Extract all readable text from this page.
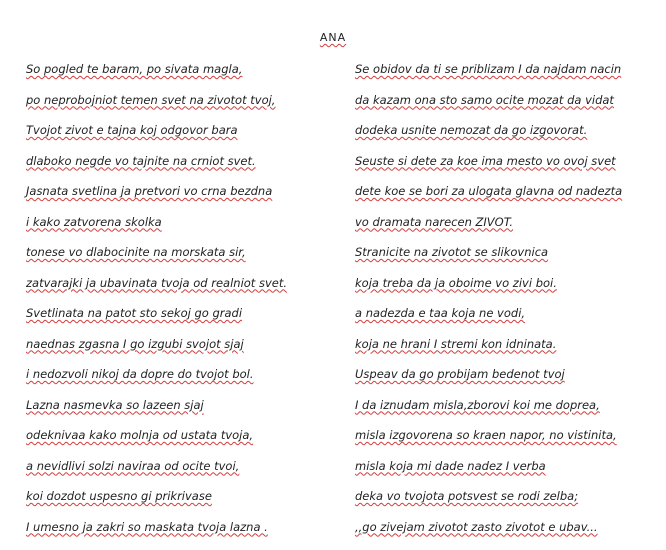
ANA
So pogled te baram, po sivata magla,
po neprobojniot temen svet na zivotot tvoj,
Tvojot zivot e tajna koj odgovor bara
dlaboko negde vo tajnite na crniot svet.
Jasnata svetlina ja pretvori vo crna bezdna
i kako zatvorena skolka
tonese vo dlabocinite na morskata sir,
zatvarajki ja ubavinata tvoja od realniot svet.
Svetlinata na patot sto sekoj go gradi
naednas zgasna I go izgubi svojot sjaj
i nedozvoli nikoj da dopre do tvojot bol.
Lazna nasmevka so lazeen sjaj
odeknivaa kako molnja od ustata tvoja,
a nevidlivi solzi naviraa od ocite tvoi,
koi dozdot uspesno gi prikrivase
I umesno ja zakri so maskata tvoja lazna .
Se obidov da ti se priblizam I da najdam nacin
da kazam ona sto samo ocite mozat da vidat
dodeka usnite nemozat da go izgovorat.
Seuste si dete za koe ima mesto vo ovoj svet
dete koe se bori za ulogata glavna od nadezta
vo dramata narecen ZIVOT.
Stranicite na zivotot se slikovnica
koja treba da ja oboime vo zivi boi.
a nadezda e taa koja ne vodi,
koja ne hrani I stremi kon idninata.
Uspeav da go probijam bedenot tvoj
I da iznudam misla,zborovi koi me doprea,
misla izgovorena so kraen napor, no vistinita,
misla koja mi dade nadez I verba
deka vo tvojota potsvest se rodi zelba;
,,go zivejam zivotot zasto zivotot e ubav...
